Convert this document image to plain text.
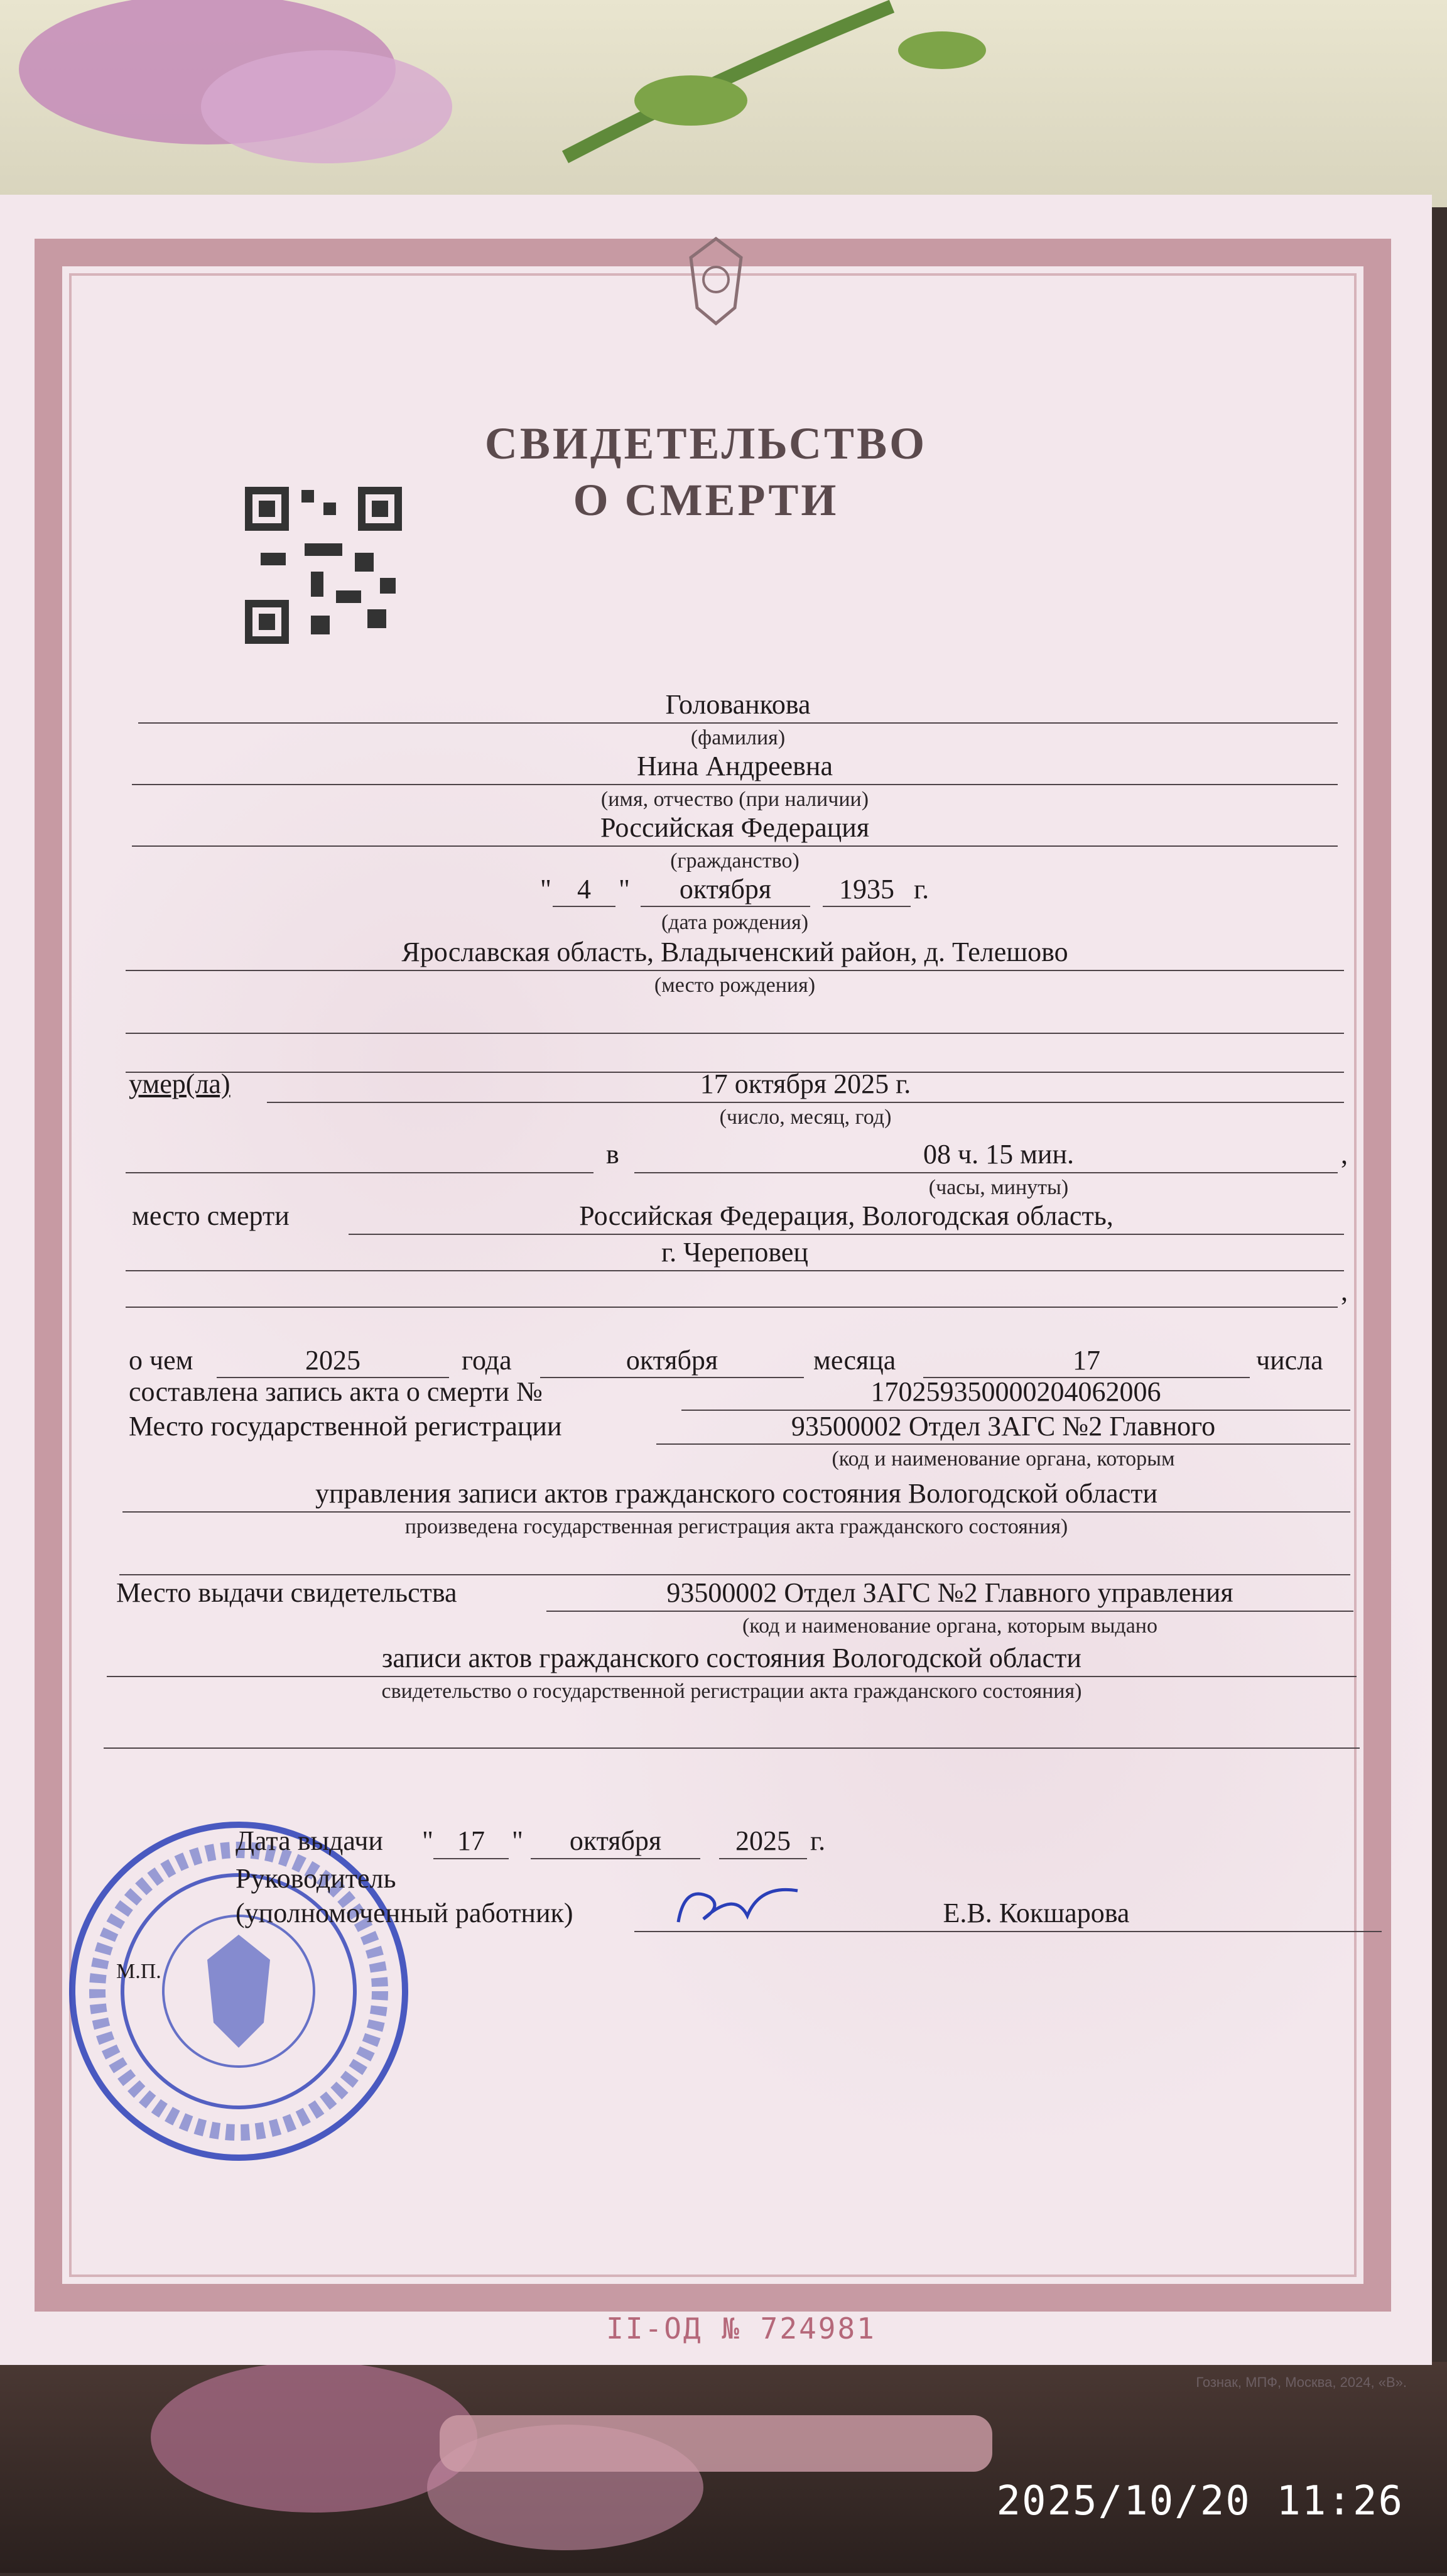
2025/10/20 11:26
СВИДЕТЕЛЬСТВО
О СМЕРТИ
Голованкова
(фамилия)
Нина Андреевна
(имя, отчество (при наличии)
Российская Федерация
(гражданство)
" 4	"	октября	1935 г.
(дата рождения)
Ярославская область, Владыченский район, д. Телешово
(место рождения)
умер(ла)	17 октября 2025 г.
(число, месяц, год)
в	08 ч. 15 мин.	,
(часы, минуты)
место смерти	Российская Федерация, Вологодская область,
г. Череповец
,
о чем	2025	года	октября	месяца	17	числа
составлена запись акта о смерти №	170259350000204062006
Место государственной регистрации	93500002 Отдел ЗАГС №2 Главного
(код и наименование органа, которым
управления записи актов гражданского состояния Вологодской области
произведена государственная регистрация акта гражданского состояния)
Место выдачи свидетельства	93500002 Отдел ЗАГС №2 Главного управления
(код и наименование органа, которым выдано
записи актов гражданского состояния Вологодской области
свидетельство о государственной регистрации акта гражданского состояния)
Дата выдачи " 17 "	октября	2025 г.
Руководитель
(уполномоченный работник)	Е.В. Кокшарова
М.П.
II-ОД № 724981
Гознак, МПФ, Москва, 2024, «В».
